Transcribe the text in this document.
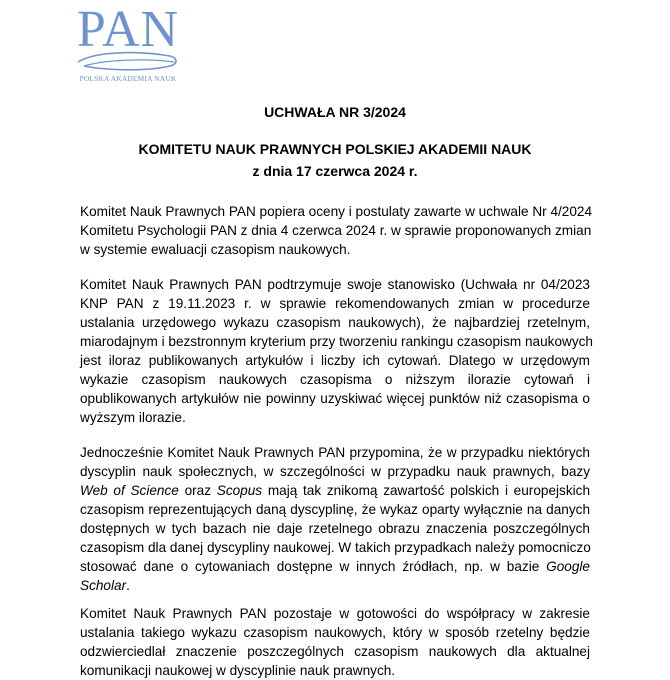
PAN
POLSKA AKADEMIA NAUK
UCHWAŁA NR 3/2024
KOMITETU NAUK PRAWNYCH POLSKIEJ AKADEMII NAUK
z dnia 17 czerwca 2024 r.
Komitet Nauk Prawnych PAN popiera oceny i postulaty zawarte w uchwale Nr 4/2024
Komitetu Psychologii PAN z dnia 4 czerwca 2024 r. w sprawie proponowanych zmian
w systemie ewaluacji czasopism naukowych.
Komitet Nauk Prawnych PAN podtrzymuje swoje stanowisko (Uchwała nr 04/2023
KNP PAN z 19.11.2023 r. w sprawie rekomendowanych zmian w procedurze
ustalania urzędowego wykazu czasopism naukowych), że najbardziej rzetelnym,
miarodajnym i bezstronnym kryterium przy tworzeniu rankingu czasopism naukowych
jest iloraz publikowanych artykułów i liczby ich cytowań. Dlatego w urzędowym
wykazie czasopism naukowych czasopisma o niższym ilorazie cytowań i
opublikowanych artykułów nie powinny uzyskiwać więcej punktów niż czasopisma o
wyższym ilorazie.
Jednocześnie Komitet Nauk Prawnych PAN przypomina, że w przypadku niektórych
dyscyplin nauk społecznych, w szczególności w przypadku nauk prawnych, bazy
Web of Science oraz Scopus mają tak znikomą zawartość polskich i europejskich
czasopism reprezentujących daną dyscyplinę, że wykaz oparty wyłącznie na danych
dostępnych w tych bazach nie daje rzetelnego obrazu znaczenia poszczególnych
czasopism dla danej dyscypliny naukowej. W takich przypadkach należy pomocniczo
stosować dane o cytowaniach dostępne w innych źródłach, np. w bazie Google
Scholar.
Komitet Nauk Prawnych PAN pozostaje w gotowości do współpracy w zakresie
ustalania takiego wykazu czasopism naukowych, który w sposób rzetelny będzie
odzwierciedlał znaczenie poszczególnych czasopism naukowych dla aktualnej
komunikacji naukowej w dyscyplinie nauk prawnych.
